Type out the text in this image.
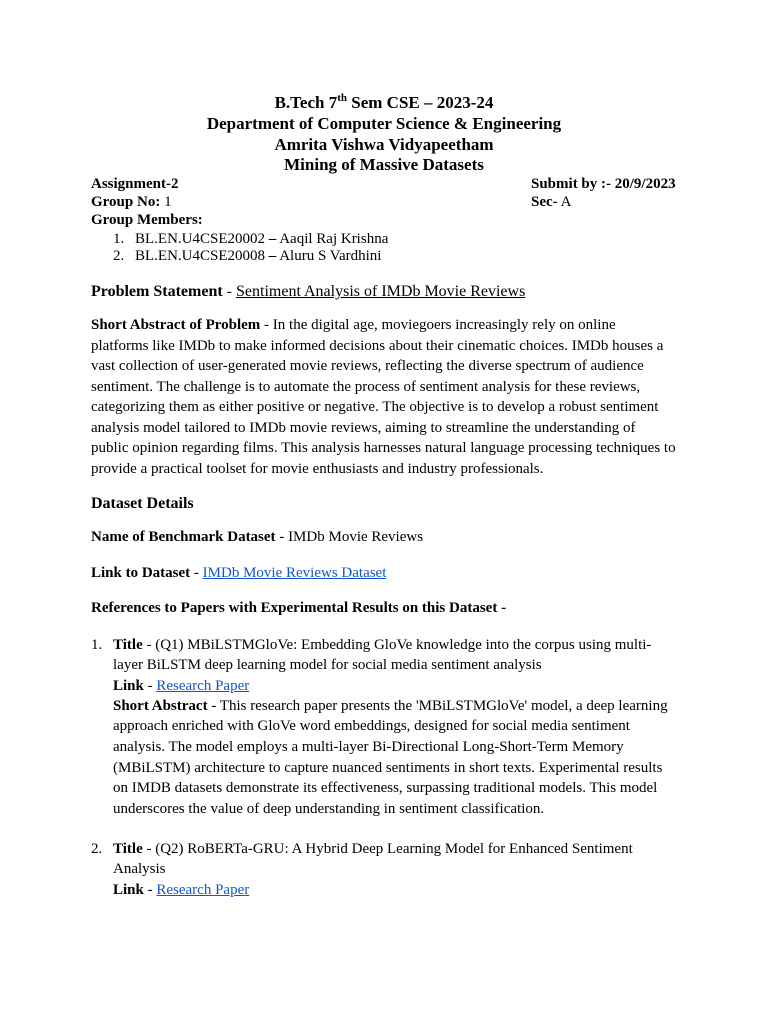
B.Tech 7th Sem CSE – 2023-24
Department of Computer Science & Engineering
Amrita Vishwa Vidyapeetham
Mining of Massive Datasets
Assignment-2	Submit by :- 20/9/2023
Group No: 1	Sec- A
Group Members:
1. BL.EN.U4CSE20002 – Aaqil Raj Krishna
2. BL.EN.U4CSE20008 – Aluru S Vardhini
Problem Statement - Sentiment Analysis of IMDb Movie Reviews
Short Abstract of Problem - In the digital age, moviegoers increasingly rely on online
platforms like IMDb to make informed decisions about their cinematic choices. IMDb houses a
vast collection of user-generated movie reviews, reflecting the diverse spectrum of audience
sentiment. The challenge is to automate the process of sentiment analysis for these reviews,
categorizing them as either positive or negative. The objective is to develop a robust sentiment
analysis model tailored to IMDb movie reviews, aiming to streamline the understanding of
public opinion regarding films. This analysis harnesses natural language processing techniques to
provide a practical toolset for movie enthusiasts and industry professionals.
Dataset Details
Name of Benchmark Dataset - IMDb Movie Reviews
Link to Dataset - IMDb Movie Reviews Dataset
References to Papers with Experimental Results on this Dataset -
1. Title - (Q1) MBiLSTMGloVe: Embedding GloVe knowledge into the corpus using multi-
layer BiLSTM deep learning model for social media sentiment analysis
Link - Research Paper
Short Abstract - This research paper presents the 'MBiLSTMGloVe' model, a deep learning
approach enriched with GloVe word embeddings, designed for social media sentiment
analysis. The model employs a multi-layer Bi-Directional Long-Short-Term Memory
(MBiLSTM) architecture to capture nuanced sentiments in short texts. Experimental results
on IMDB datasets demonstrate its effectiveness, surpassing traditional models. This model
underscores the value of deep understanding in sentiment classification.
2. Title - (Q2) RoBERTa-GRU: A Hybrid Deep Learning Model for Enhanced Sentiment
Analysis
Link - Research Paper
